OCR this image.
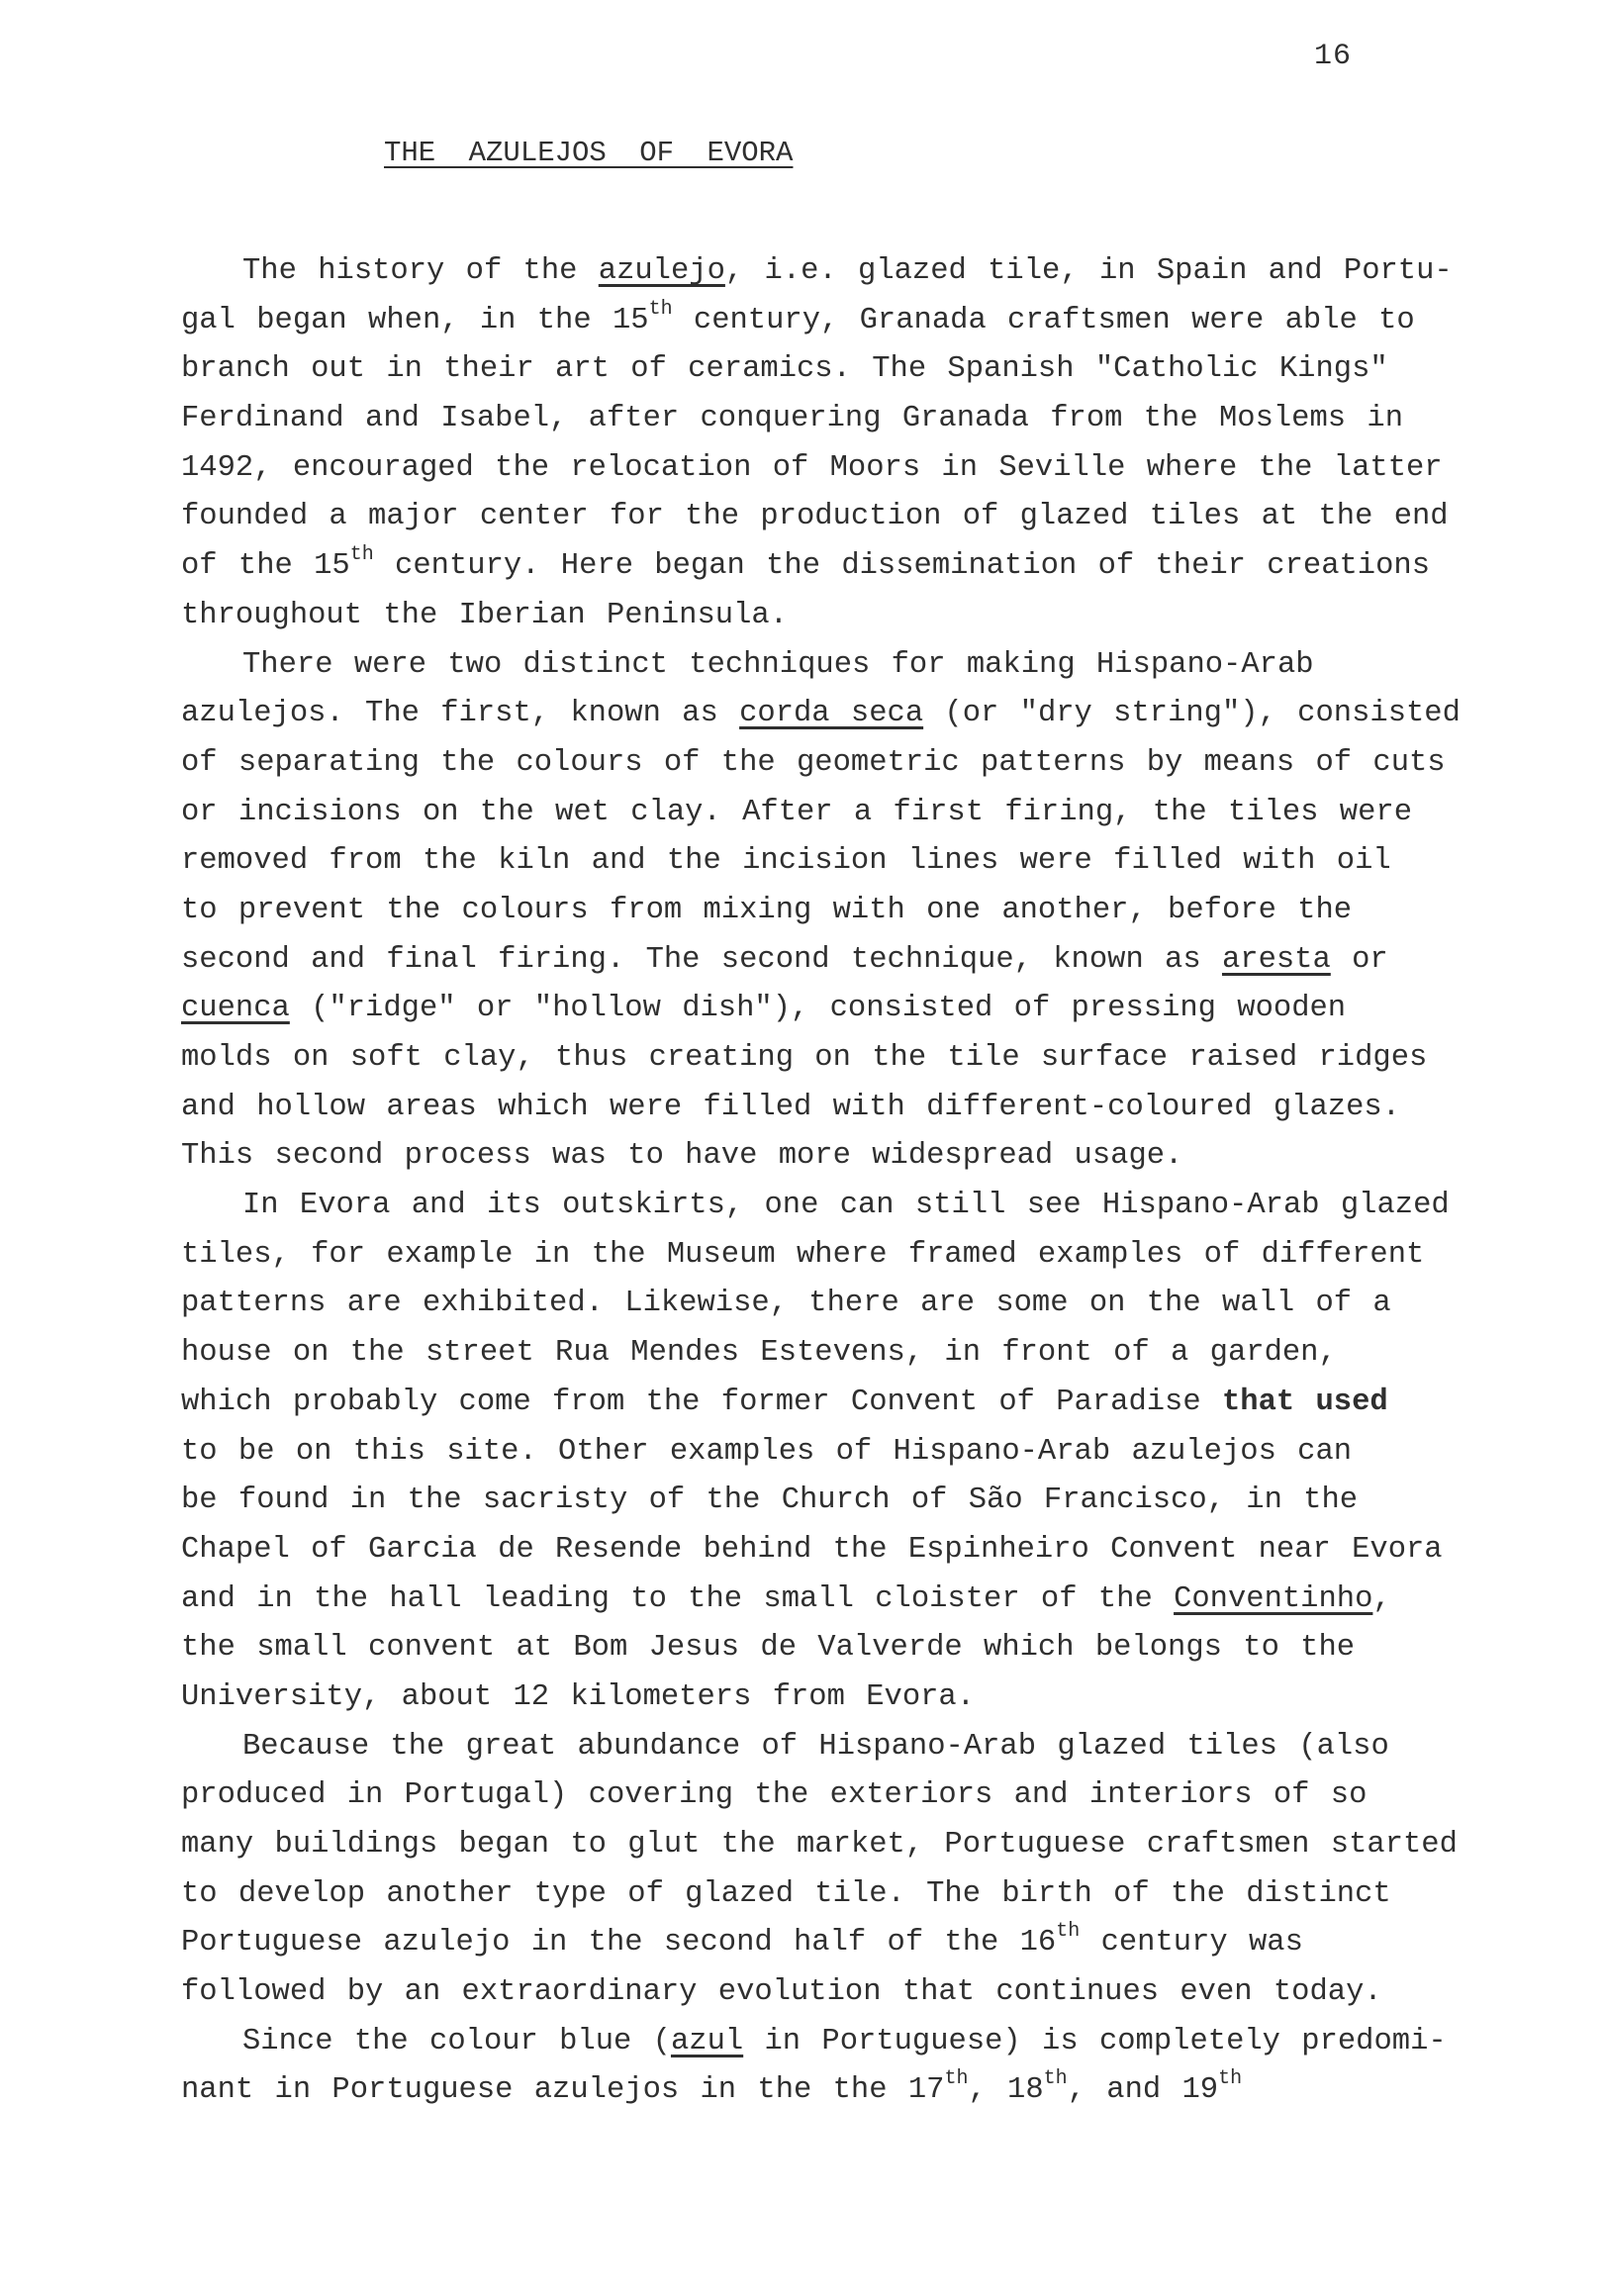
16
THE AZULEJOS OF EVORA
The history of the azulejo, i.e. glazed tile, in Spain and Portu-
gal began when, in the 15th century, Granada craftsmen were able to
branch out in their art of ceramics. The Spanish "Catholic Kings"
Ferdinand and Isabel, after conquering Granada from the Moslems in
1492, encouraged the relocation of Moors in Seville where the latter
founded a major center for the production of glazed tiles at the end
of the 15th century. Here began the dissemination of their creations
throughout the Iberian Peninsula.
There were two distinct techniques for making Hispano-Arab
azulejos. The first, known as corda seca (or "dry string"), consisted
of separating the colours of the geometric patterns by means of cuts
or incisions on the wet clay. After a first firing, the tiles were
removed from the kiln and the incision lines were filled with oil
to prevent the colours from mixing with one another, before the
second and final firing. The second technique, known as aresta or
cuenca ("ridge" or "hollow dish"), consisted of pressing wooden
molds on soft clay, thus creating on the tile surface raised ridges
and hollow areas which were filled with different-coloured glazes.
This second process was to have more widespread usage.
In Evora and its outskirts, one can still see Hispano-Arab glazed
tiles, for example in the Museum where framed examples of different
patterns are exhibited. Likewise, there are some on the wall of a
house on the street Rua Mendes Estevens, in front of a garden,
which probably come from the former Convent of Paradise that used
to be on this site. Other examples of Hispano-Arab azulejos can
be found in the sacristy of the Church of São Francisco, in the
Chapel of Garcia de Resende behind the Espinheiro Convent near Evora
and in the hall leading to the small cloister of the Conventinho,
the small convent at Bom Jesus de Valverde which belongs to the
University, about 12 kilometers from Evora.
Because the great abundance of Hispano-Arab glazed tiles (also
produced in Portugal) covering the exteriors and interiors of so
many buildings began to glut the market, Portuguese craftsmen started
to develop another type of glazed tile. The birth of the distinct
Portuguese azulejo in the second half of the 16th century was
followed by an extraordinary evolution that continues even today.
Since the colour blue (azul in Portuguese) is completely predomi-
nant in Portuguese azulejos in the the 17th, 18th, and 19th
